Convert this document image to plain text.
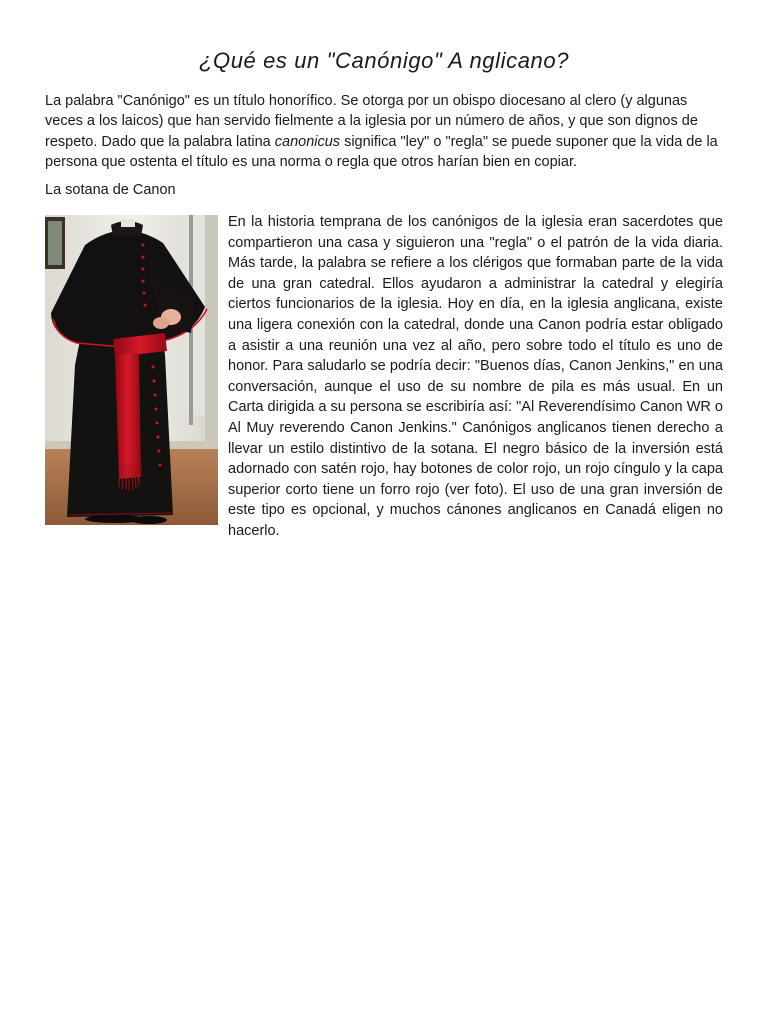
¿Qué es un "Canónigo" A nglicano?

La palabra "Canónigo" es un título honorífico. Se otorga por un obispo diocesano al clero (y algunas veces a los laicos) que han servido fielmente a la iglesia por un número de años, y que son dignos de respeto. Dado que la palabra latina canonicus significa "ley" o "regla" se puede suponer que la vida de la persona que ostenta el título es una norma o regla que otros harían bien en copiar.

La sotana de Canon

En la historia temprana de los canónigos de la iglesia eran sacerdotes que compartieron una casa y siguieron una "regla" o el patrón de la vida diaria. Más tarde, la palabra se refiere a los clérigos que formaban parte de la vida de una gran catedral. Ellos ayudaron a administrar la catedral y elegiría ciertos funcionarios de la iglesia. Hoy en día, en la iglesia anglicana, existe una ligera conexión con la catedral, donde una Canon podría estar obligado a asistir a una reunión una vez al año, pero sobre todo el título es uno de honor. Para saludarlo se podría decir: "Buenos días, Canon Jenkins," en una conversación, aunque el uso de su nombre de pila es más usual. En un Carta dirigida a su persona se escribiría así: "Al Reverendísimo Canon WR o Al Muy reverendo Canon Jenkins." Canónigos anglicanos tienen derecho a llevar un estilo distintivo de la sotana. El negro básico de la inversión está adornado con satén rojo, hay botones de color rojo, un rojo cíngulo y la capa superior corto tiene un forro rojo (ver foto). El uso de una gran inversión de este tipo es opcional, y muchos cánones anglicanos en Canadá eligen no hacerlo.
